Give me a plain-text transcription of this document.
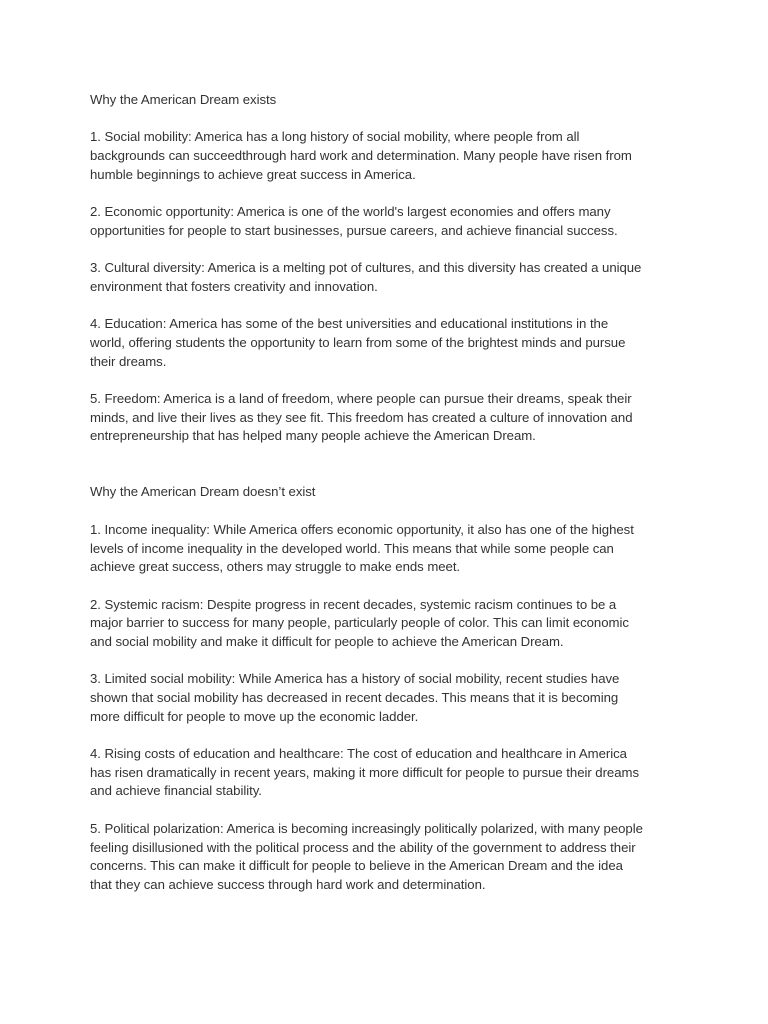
Why the American Dream exists
1. Social mobility: America has a long history of social mobility, where people from all
backgrounds can succeedthrough hard work and determination. Many people have risen from
humble beginnings to achieve great success in America.
2. Economic opportunity: America is one of the world's largest economies and offers many
opportunities for people to start businesses, pursue careers, and achieve financial success.
3. Cultural diversity: America is a melting pot of cultures, and this diversity has created a unique
environment that fosters creativity and innovation.
4. Education: America has some of the best universities and educational institutions in the
world, offering students the opportunity to learn from some of the brightest minds and pursue
their dreams.
5. Freedom: America is a land of freedom, where people can pursue their dreams, speak their
minds, and live their lives as they see fit. This freedom has created a culture of innovation and
entrepreneurship that has helped many people achieve the American Dream.
Why the American Dream doesn’t exist
1. Income inequality: While America offers economic opportunity, it also has one of the highest
levels of income inequality in the developed world. This means that while some people can
achieve great success, others may struggle to make ends meet.
2. Systemic racism: Despite progress in recent decades, systemic racism continues to be a
major barrier to success for many people, particularly people of color. This can limit economic
and social mobility and make it difficult for people to achieve the American Dream.
3. Limited social mobility: While America has a history of social mobility, recent studies have
shown that social mobility has decreased in recent decades. This means that it is becoming
more difficult for people to move up the economic ladder.
4. Rising costs of education and healthcare: The cost of education and healthcare in America
has risen dramatically in recent years, making it more difficult for people to pursue their dreams
and achieve financial stability.
5. Political polarization: America is becoming increasingly politically polarized, with many people
feeling disillusioned with the political process and the ability of the government to address their
concerns. This can make it difficult for people to believe in the American Dream and the idea
that they can achieve success through hard work and determination.
